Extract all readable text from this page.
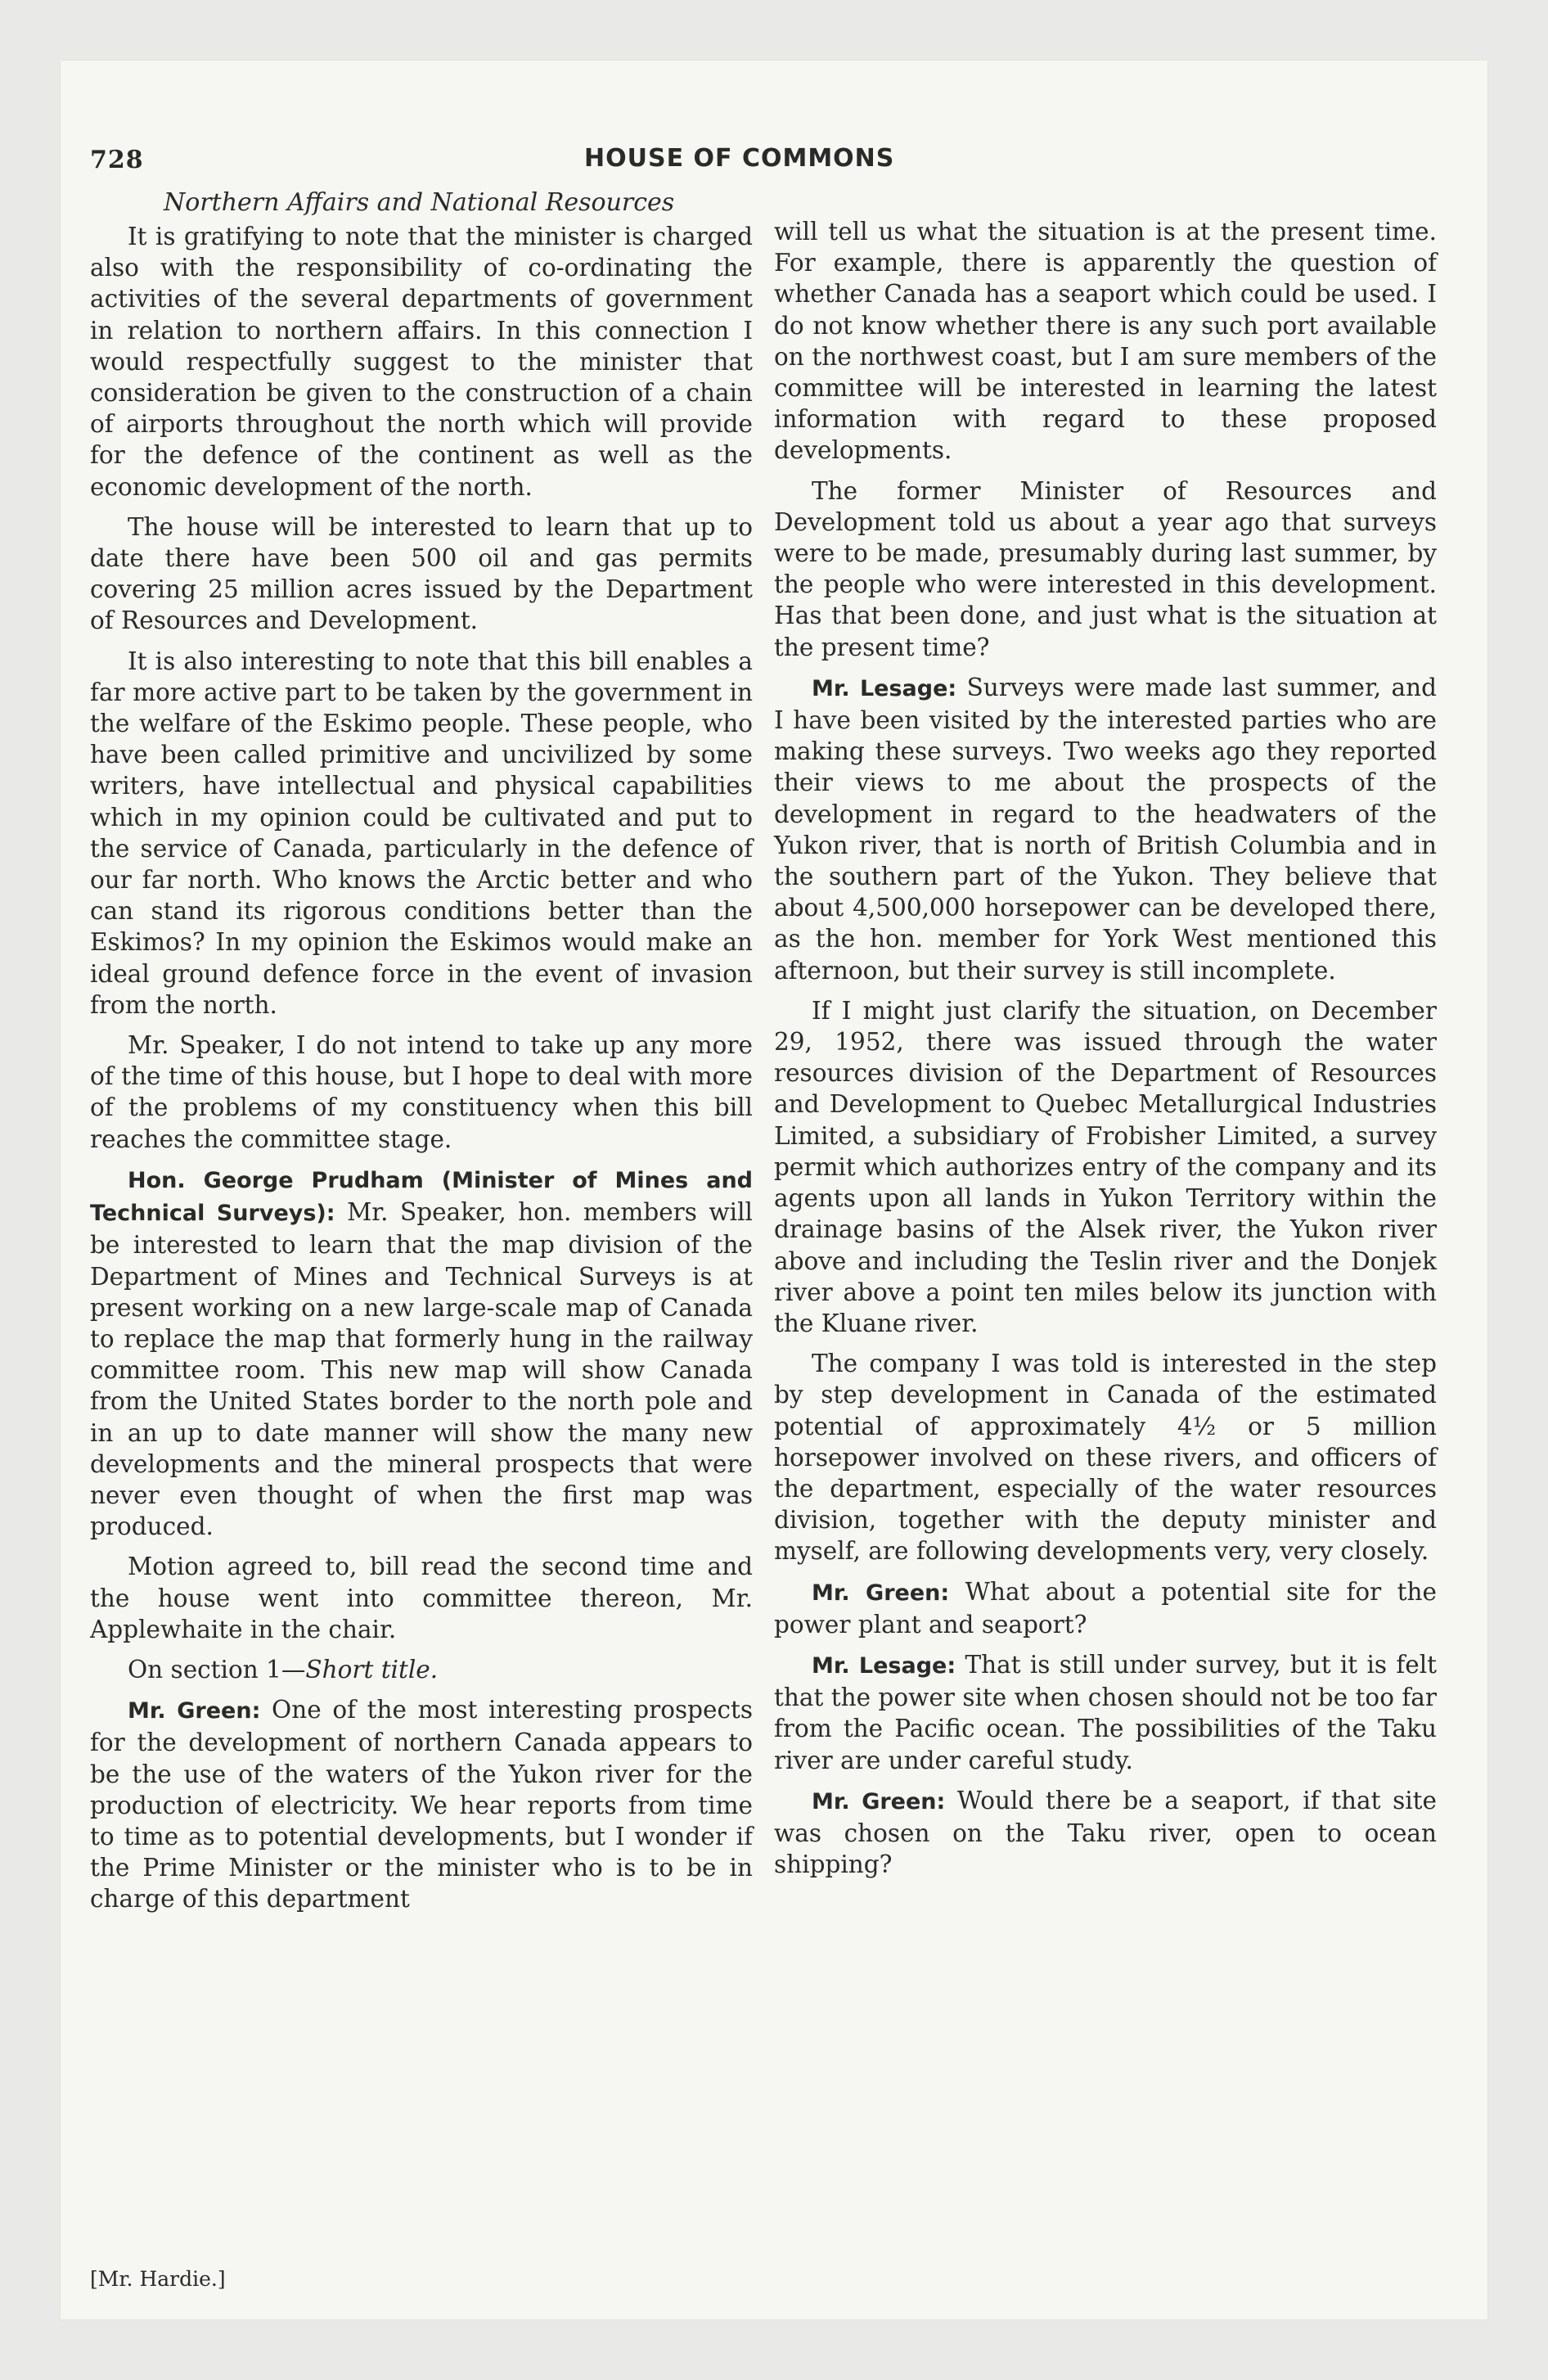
728	HOUSE OF COMMONS
Northern Affairs and National Resources

It is gratifying to note that the minister is charged also with the responsibility of co-ordinating the activities of the several departments of government in relation to northern affairs. In this connection I would respectfully suggest to the minister that consideration be given to the construction of a chain of airports throughout the north which will provide for the defence of the continent as well as the economic development of the north.

The house will be interested to learn that up to date there have been 500 oil and gas permits covering 25 million acres issued by the Department of Resources and Development.

It is also interesting to note that this bill enables a far more active part to be taken by the government in the welfare of the Eskimo people. These people, who have been called primitive and uncivilized by some writers, have intellectual and physical capabilities which in my opinion could be cultivated and put to the service of Canada, particularly in the defence of our far north. Who knows the Arctic better and who can stand its rigorous conditions better than the Eskimos? In my opinion the Eskimos would make an ideal ground defence force in the event of invasion from the north.

Mr. Speaker, I do not intend to take up any more of the time of this house, but I hope to deal with more of the problems of my constituency when this bill reaches the committee stage.

Hon. George Prudham (Minister of Mines and Technical Surveys): Mr. Speaker, hon. members will be interested to learn that the map division of the Department of Mines and Technical Surveys is at present working on a new large-scale map of Canada to replace the map that formerly hung in the railway committee room. This new map will show Canada from the United States border to the north pole and in an up to date manner will show the many new developments and the mineral prospects that were never even thought of when the first map was produced.

Motion agreed to, bill read the second time and the house went into committee thereon, Mr. Applewhaite in the chair.

On section 1—Short title.

Mr. Green: One of the most interesting prospects for the development of northern Canada appears to be the use of the waters of the Yukon river for the production of electricity. We hear reports from time to time as to potential developments, but I wonder if the Prime Minister or the minister who is to be in charge of this department

will tell us what the situation is at the present time. For example, there is apparently the question of whether Canada has a seaport which could be used. I do not know whether there is any such port available on the northwest coast, but I am sure members of the committee will be interested in learning the latest information with regard to these proposed developments.

The former Minister of Resources and Development told us about a year ago that surveys were to be made, presumably during last summer, by the people who were interested in this development. Has that been done, and just what is the situation at the present time?

Mr. Lesage: Surveys were made last summer, and I have been visited by the interested parties who are making these surveys. Two weeks ago they reported their views to me about the prospects of the development in regard to the headwaters of the Yukon river, that is north of British Columbia and in the southern part of the Yukon. They believe that about 4,500,000 horsepower can be developed there, as the hon. member for York West mentioned this afternoon, but their survey is still incomplete.

If I might just clarify the situation, on December 29, 1952, there was issued through the water resources division of the Department of Resources and Development to Quebec Metallurgical Industries Limited, a subsidiary of Frobisher Limited, a survey permit which authorizes entry of the company and its agents upon all lands in Yukon Territory within the drainage basins of the Alsek river, the Yukon river above and including the Teslin river and the Donjek river above a point ten miles below its junction with the Kluane river.

The company I was told is interested in the step by step development in Canada of the estimated potential of approximately 4½ or 5 million horsepower involved on these rivers, and officers of the department, especially of the water resources division, together with the deputy minister and myself, are following developments very, very closely.

Mr. Green: What about a potential site for the power plant and seaport?

Mr. Lesage: That is still under survey, but it is felt that the power site when chosen should not be too far from the Pacific ocean. The possibilities of the Taku river are under careful study.

Mr. Green: Would there be a seaport, if that site was chosen on the Taku river, open to ocean shipping?

[Mr. Hardie.]
